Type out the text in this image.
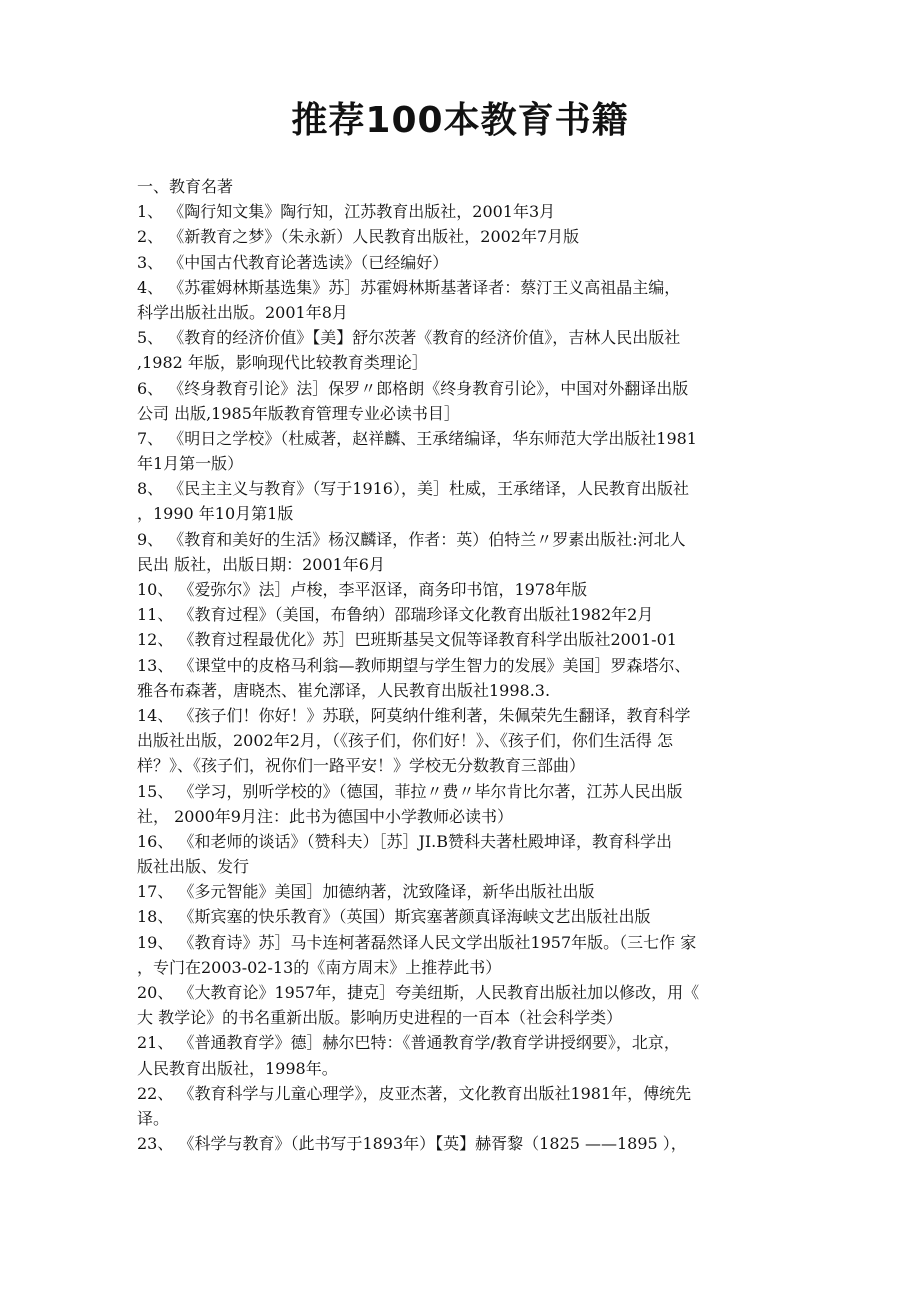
推荐100本教育书籍
一、教育名著
1、 《陶行知文集》陶行知，江苏教育出版社，2001年3月
2、 《新教育之梦》（朱永新）人民教育出版社，2002年7月版
3、 《中国古代教育论著选读》（已经编好）
4、 《苏霍姆林斯基选集》苏］苏霍姆林斯基著译者：蔡汀王义高祖晶主编，
科学出版社出版。2001年8月
5、 《教育的经济价值》【美】舒尔茨著《教育的经济价值》，吉林人民出版社
,1982 年版，影响现代比较教育类理论］
6、 《终身教育引论》法］保罗〃郎格朗《终身教育引论》，中国对外翻译出版
公司 出版,1985年版教育管理专业必读书目］
7、 《明日之学校》（杜威著，赵祥麟、王承绪编译，华东师范大学出版社1981
年1月第一版）
8、 《民主主义与教育》（写于1916），美］杜威，王承绪译，人民教育出版社
，1990 年10月第1版
9、 《教育和美好的生活》杨汉麟译，作者：英）伯特兰〃罗素出版社:河北人
民出 版社，出版日期：2001年6月
10、 《爱弥尔》法］卢梭，李平沤译，商务印书馆，1978年版
11、 《教育过程》（美国，布鲁纳）邵瑞珍译文化教育出版社1982年2月
12、 《教育过程最优化》苏］巴班斯基吴文侃等译教育科学出版社2001-01
13、 《课堂中的皮格马利翁—教师期望与学生智力的发展》美国］罗森塔尔、
雅各布森著，唐晓杰、崔允漷译，人民教育出版社1998.3.
14、 《孩子们！你好！》苏联，阿莫纳什维利著，朱佩荣先生翻译，教育科学
出版社出版，2002年2月，（《孩子们，你们好！》、《孩子们，你们生活得 怎
样？》、《孩子们，祝你们一路平安！》学校无分数教育三部曲）
15、 《学习，别听学校的》（德国，菲拉〃费〃毕尔肯比尔著，江苏人民出版
社， 2000年9月注：此书为德国中小学教师必读书）
16、 《和老师的谈话》（赞科夫）［苏］JI.B赞科夫著杜殿坤译，教育科学出
版社出版、发行
17、 《多元智能》美国］加德纳著，沈致隆译，新华出版社出版
18、 《斯宾塞的快乐教育》（英国）斯宾塞著颜真译海峡文艺出版社出版
19、 《教育诗》苏］马卡连柯著磊然译人民文学出版社1957年版。（三七作 家
，专门在2003-02-13的《南方周末》上推荐此书）
20、 《大教育论》1957年，捷克］夸美纽斯，人民教育出版社加以修改，用《
大 教学论》的书名重新出版。影响历史进程的一百本（社会科学类）
21、 《普通教育学》德］赫尔巴特：《普通教育学/教育学讲授纲要》，北京，
人民教育出版社，1998年。
22、 《教育科学与儿童心理学》，皮亚杰著，文化教育出版社1981年，傅统先
译。
23、 《科学与教育》（此书写于1893年）【英】赫胥黎（1825 ——1895 ），
